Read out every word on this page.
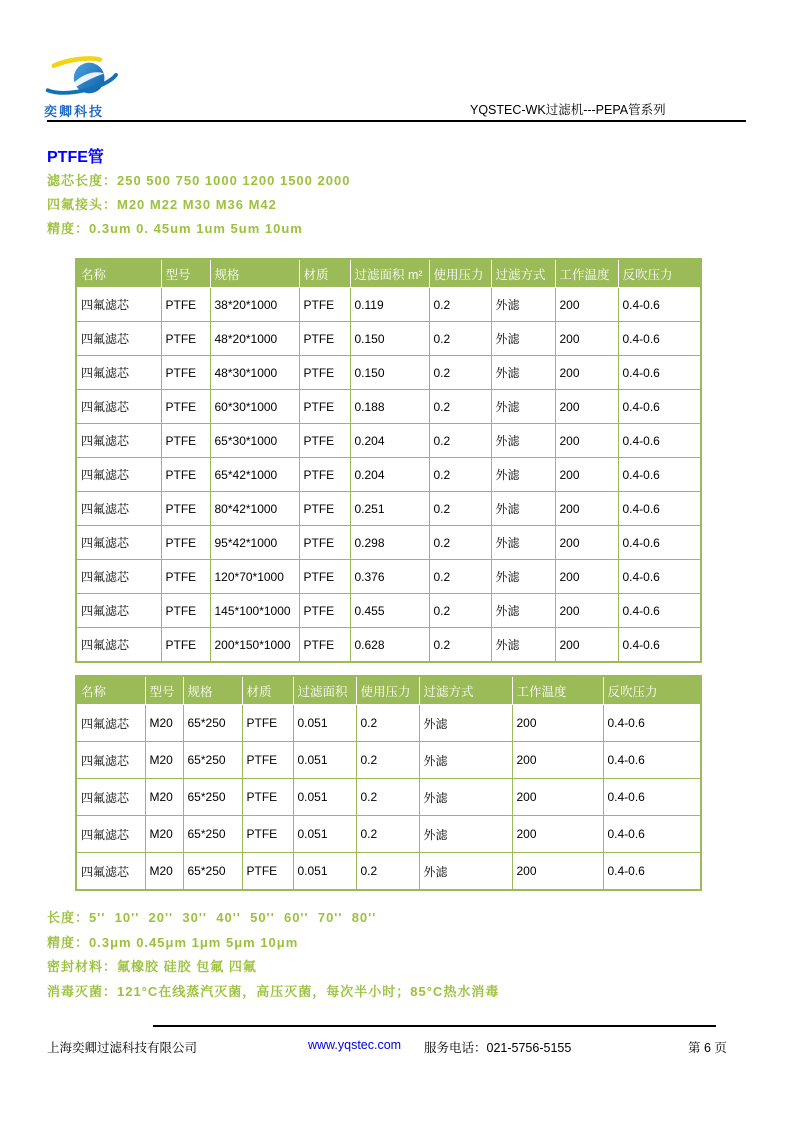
奕卿科技	YQSTEC-WK过滤机---PEPA管系列
PTFE管
滤芯长度：250 500 750 1000 1200 1500 2000
四氟接头：M20 M22 M30 M36 M42
精度：0.3um 0. 45um 1um 5um 10um
名称	型号	规格	材质	过滤面积 m²	使用压力	过滤方式	工作温度	反吹压力
四氟滤芯	PTFE	38*20*1000	PTFE	0.119	0.2	外滤	200	0.4-0.6
四氟滤芯	PTFE	48*20*1000	PTFE	0.150	0.2	外滤	200	0.4-0.6
四氟滤芯	PTFE	48*30*1000	PTFE	0.150	0.2	外滤	200	0.4-0.6
四氟滤芯	PTFE	60*30*1000	PTFE	0.188	0.2	外滤	200	0.4-0.6
四氟滤芯	PTFE	65*30*1000	PTFE	0.204	0.2	外滤	200	0.4-0.6
四氟滤芯	PTFE	65*42*1000	PTFE	0.204	0.2	外滤	200	0.4-0.6
四氟滤芯	PTFE	80*42*1000	PTFE	0.251	0.2	外滤	200	0.4-0.6
四氟滤芯	PTFE	95*42*1000	PTFE	0.298	0.2	外滤	200	0.4-0.6
四氟滤芯	PTFE	120*70*1000	PTFE	0.376	0.2	外滤	200	0.4-0.6
四氟滤芯	PTFE	145*100*1000	PTFE	0.455	0.2	外滤	200	0.4-0.6
四氟滤芯	PTFE	200*150*1000	PTFE	0.628	0.2	外滤	200	0.4-0.6
名称	型号	规格	材质	过滤面积	使用压力	过滤方式	工作温度	反吹压力
四氟滤芯	M20	65*250	PTFE	0.051	0.2	外滤	200	0.4-0.6
四氟滤芯	M20	65*250	PTFE	0.051	0.2	外滤	200	0.4-0.6
四氟滤芯	M20	65*250	PTFE	0.051	0.2	外滤	200	0.4-0.6
四氟滤芯	M20	65*250	PTFE	0.051	0.2	外滤	200	0.4-0.6
四氟滤芯	M20	65*250	PTFE	0.051	0.2	外滤	200	0.4-0.6
长度：5''  10''  20''  30''  40''  50''  60''  70''  80''
精度：0.3μm 0.45μm 1μm 5μm 10μm
密封材料：氟橡胶 硅胶 包氟 四氟
消毒灭菌：121°C在线蒸汽灭菌，高压灭菌，每次半小时；85°C热水消毒
上海奕卿过滤科技有限公司	www.yqstec.com 服务电话：021-5756-5155	第 6 页
